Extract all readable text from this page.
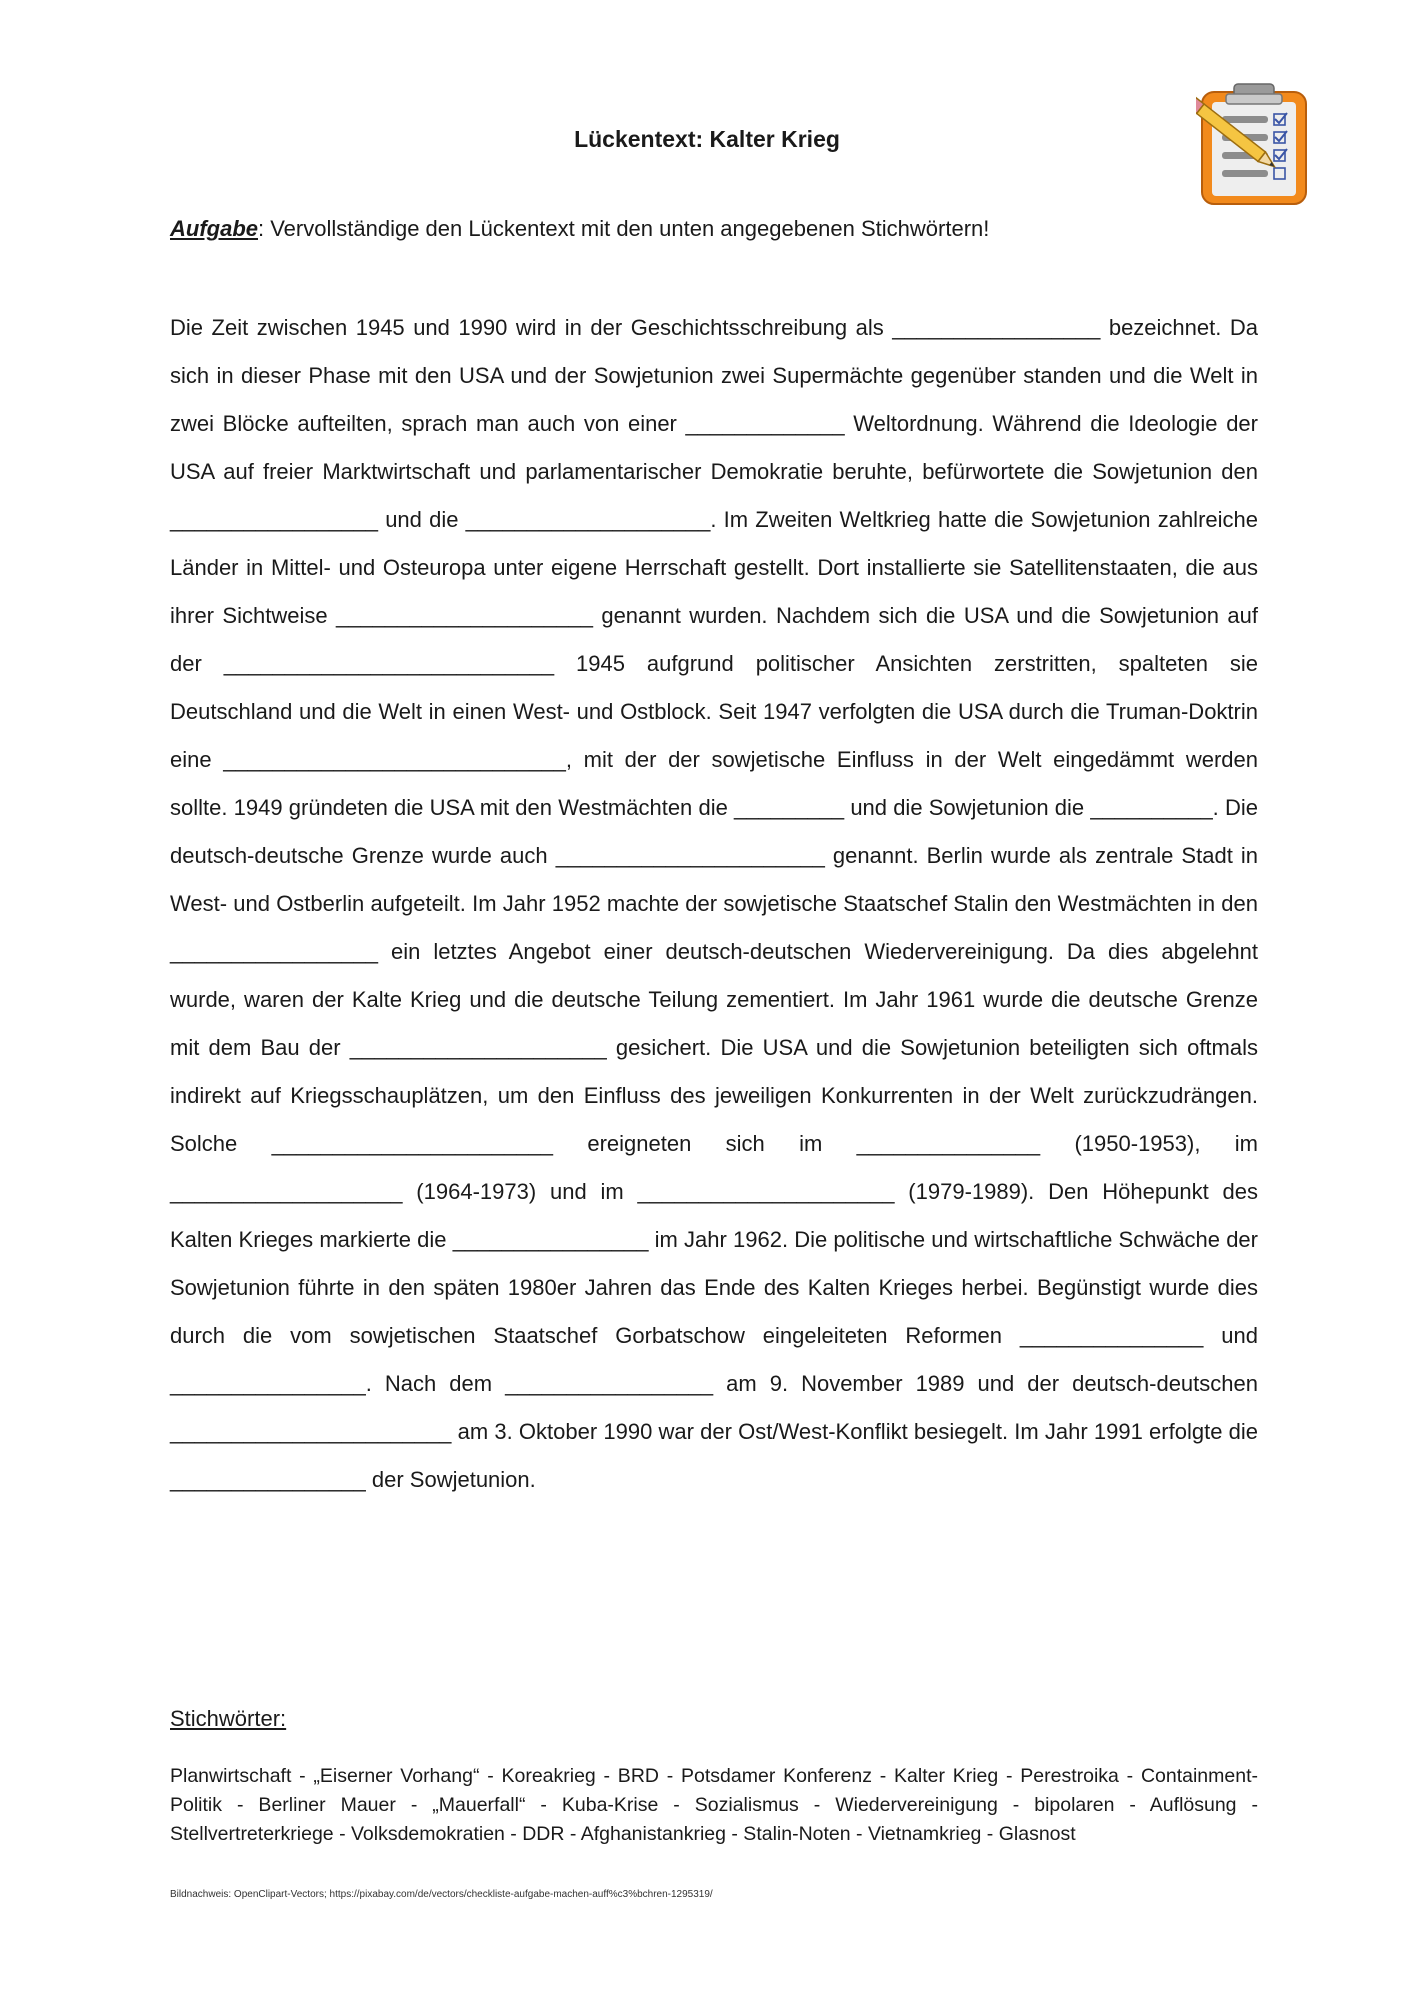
Lückentext: Kalter Krieg
Aufgabe: Vervollständige den Lückentext mit den unten angegebenen Stichwörtern!

Die Zeit zwischen 1945 und 1990 wird in der Geschichtsschreibung als _________________ bezeichnet. Da sich in dieser Phase mit den USA und der Sowjetunion zwei Supermächte gegenüber standen und die Welt in zwei Blöcke aufteilten, sprach man auch von einer _____________ Weltordnung. Während die Ideologie der USA auf freier Marktwirtschaft und parlamentarischer Demokratie beruhte, befürwortete die Sowjetunion den _________________ und die ____________________. Im Zweiten Weltkrieg hatte die Sowjetunion zahlreiche Länder in Mittel- und Osteuropa unter eigene Herrschaft gestellt. Dort installierte sie Satellitenstaaten, die aus ihrer Sichtweise _____________________ genannt wurden. Nachdem sich die USA und die Sowjetunion auf der ___________________________ 1945 aufgrund politischer Ansichten zerstritten, spalteten sie Deutschland und die Welt in einen West- und Ostblock. Seit 1947 verfolgten die USA durch die Truman-Doktrin eine ____________________________, mit der der sowjetische Einfluss in der Welt eingedämmt werden sollte. 1949 gründeten die USA mit den Westmächten die _________ und die Sowjetunion die __________. Die deutsch-deutsche Grenze wurde auch ______________________ genannt. Berlin wurde als zentrale Stadt in West- und Ostberlin aufgeteilt. Im Jahr 1952 machte der sowjetische Staatschef Stalin den Westmächten in den _________________ ein letztes Angebot einer deutsch-deutschen Wiedervereinigung. Da dies abgelehnt wurde, waren der Kalte Krieg und die deutsche Teilung zementiert. Im Jahr 1961 wurde die deutsche Grenze mit dem Bau der _____________________ gesichert. Die USA und die Sowjetunion beteiligten sich oftmals indirekt auf Kriegsschauplätzen, um den Einfluss des jeweiligen Konkurrenten in der Welt zurückzudrängen. Solche _______________________ ereigneten sich im _______________ (1950-1953), im ___________________ (1964-1973) und im _____________________ (1979-1989). Den Höhepunkt des Kalten Krieges markierte die ________________ im Jahr 1962. Die politische und wirtschaftliche Schwäche der Sowjetunion führte in den späten 1980er Jahren das Ende des Kalten Krieges herbei. Begünstigt wurde dies durch die vom sowjetischen Staatschef Gorbatschow eingeleiteten Reformen _______________ und ________________. Nach dem _________________ am 9. November 1989 und der deutsch-deutschen _______________________ am 3. Oktober 1990 war der Ost/West-Konflikt besiegelt. Im Jahr 1991 erfolgte die ________________ der Sowjetunion.

Stichwörter:

Planwirtschaft - „Eiserner Vorhang“ - Koreakrieg - BRD - Potsdamer Konferenz - Kalter Krieg - Perestroika - Containment-Politik - Berliner Mauer - „Mauerfall“ - Kuba-Krise - Sozialismus - Wiedervereinigung - bipolaren - Auflösung - Stellvertreterkriege - Volksdemokratien - DDR - Afghanistankrieg - Stalin-Noten - Vietnamkrieg - Glasnost

Bildnachweis: OpenClipart-Vectors; https://pixabay.com/de/vectors/checkliste-aufgabe-machen-auff%c3%bchren-1295319/
